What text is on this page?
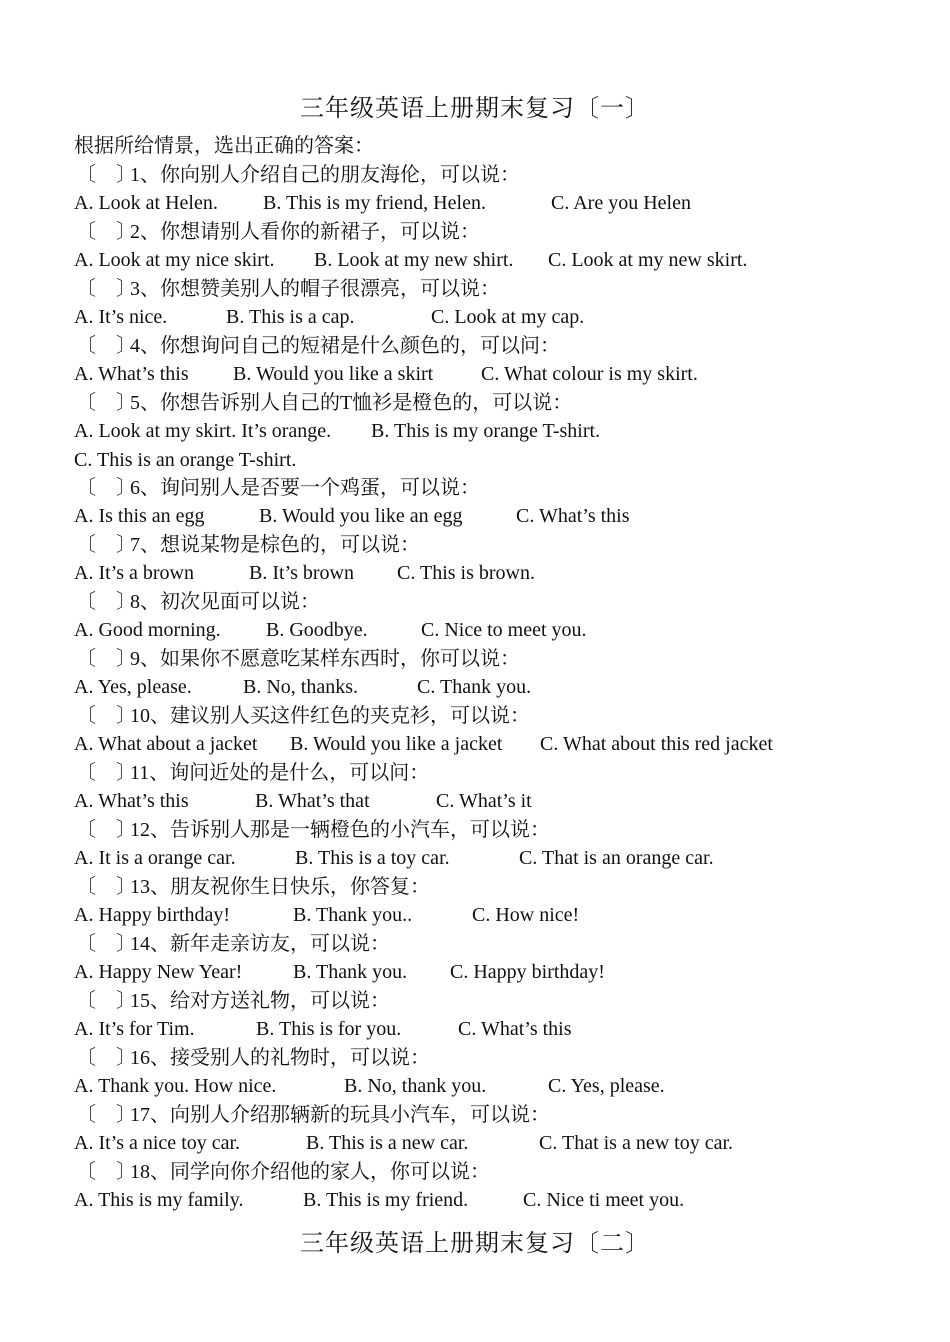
三年级英语上册期末复习〔一〕
根据所给情景，选出正确的答案：
〔　〕1、你向别人介绍自己的朋友海伦，可以说：
A. Look at Helen. B. This is my friend, Helen.	C. Are you Helen
〔　〕2、你想请别人看你的新裙子，可以说：
A. Look at my nice skirt. B. Look at my new shirt. C. Look at my new skirt.
〔　〕3、你想赞美别人的帽子很漂亮，可以说：
A. It’s nice.	B. This is a cap.	C. Look at my cap.
〔　〕4、你想询问自己的短裙是什么颜色的，可以问：
A. What’s this B. Would you like a skirt C. What colour is my skirt.
〔　〕5、你想告诉别人自己的T恤衫是橙色的，可以说：
A. Look at my skirt. It’s orange. B. This is my orange T-shirt.
C. This is an orange T-shirt.
〔　〕6、询问别人是否要一个鸡蛋，可以说：
A. Is this an egg	B. Would you like an egg	C. What’s this
〔　〕7、想说某物是棕色的，可以说：
A. It’s a brown	B. It’s brown C. This is brown.
〔　〕8、初次见面可以说：
A. Good morning. B. Goodbye.	C. Nice to meet you.
〔　〕9、如果你不愿意吃某样东西时，你可以说：
A. Yes, please.	B. No, thanks.	C. Thank you.
〔　〕10、建议别人买这件红色的夹克衫，可以说：
A. What about a jacket B. Would you like a jacket C. What about this red jacket
〔　〕11、询问近处的是什么，可以问：
A. What’s this	B. What’s that	C. What’s it
〔　〕12、告诉别人那是一辆橙色的小汽车，可以说：
A. It is a orange car.	B. This is a toy car.	C. That is an orange car.
〔　〕13、朋友祝你生日快乐，你答复：
A. Happy birthday!	B. Thank you..	C. How nice!
〔　〕14、新年走亲访友，可以说：
A. Happy New Year!	B. Thank you. C. Happy birthday!
〔　〕15、给对方送礼物，可以说：
A. It’s for Tim.	B. This is for you.	C. What’s this
〔　〕16、接受别人的礼物时，可以说：
A. Thank you. How nice.	B. No, thank you.	C. Yes, please.
〔　〕17、向别人介绍那辆新的玩具小汽车，可以说：
A. It’s a nice toy car.	B. This is a new car.	C. That is a new toy car.
〔　〕18、同学向你介绍他的家人，你可以说：
A. This is my family.	B. This is my friend.	C. Nice ti meet you.
三年级英语上册期末复习〔二〕
